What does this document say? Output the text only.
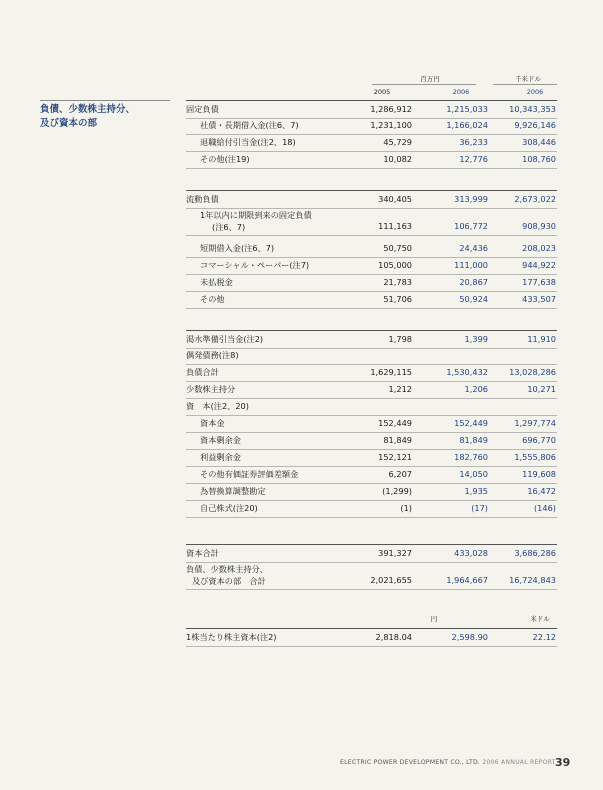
負債、少数株主持分、
及び資本の部
百万円	千米ドル
2005	2006	2006
固定負債	1,286,912	1,215,033	10,343,353
社債・長期借入金(注6、7)	1,231,100	1,166,024	9,926,146
退職給付引当金(注2、18)	45,729	36,233	308,446
その他(注19)	10,082	12,776	108,760
流動負債	340,405	313,999	2,673,022
1年以内に期限到来の固定負債
(注6、7)	111,163	106,772	908,930
短期借入金(注6、7)	50,750	24,436	208,023
コマーシャル・ペーパー(注7)	105,000	111,000	944,922
未払税金	21,783	20,867	177,638
その他	51,706	50,924	433,507
渇水準備引当金(注2)	1,798	1,399	11,910
偶発債務(注8)
負債合計	1,629,115	1,530,432	13,028,286
少数株主持分	1,212	1,206	10,271
資　本(注2、20)
資本金	152,449	152,449	1,297,774
資本剰余金	81,849	81,849	696,770
利益剰余金	152,121	182,760	1,555,806
その他有価証券評価差額金	6,207	14,050	119,608
為替換算調整勘定	(1,299)	1,935	16,472
自己株式(注20)	(1)	(17)	(146)
資本合計	391,327	433,028	3,686,286
負債、少数株主持分、
及び資本の部　合計	2,021,655	1,964,667	16,724,843
1株当たり株主資本(注2)	2,818.04	2,598.90	22.12
円	米ドル
ELECTRIC POWER DEVELOPMENT CO., LTD. 2006 ANNUAL REPORT 39
